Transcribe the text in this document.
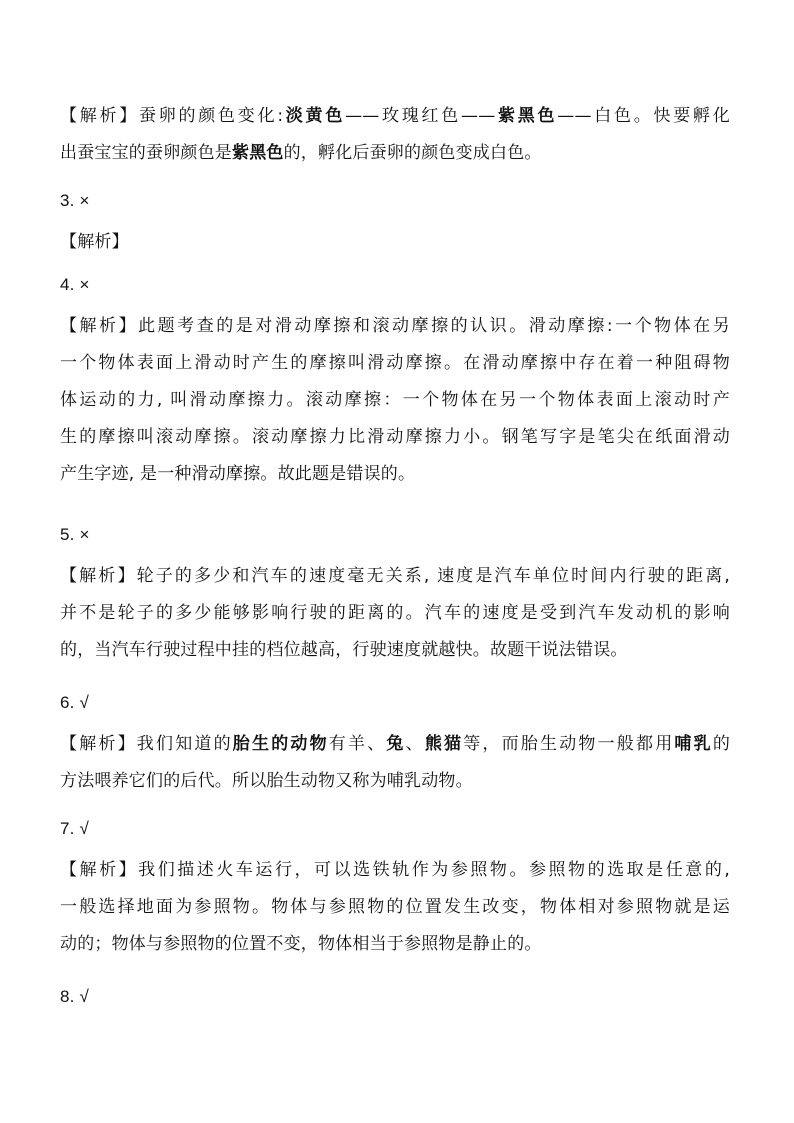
【解析】蚕卵的颜色变化:淡黄色——玫瑰红色——紫黑色——白色。快要孵化
出蚕宝宝的蚕卵颜色是紫黑色的，孵化后蚕卵的颜色变成白色。
3. ×
【解析】
4. ×
【解析】此题考查的是对滑动摩擦和滚动摩擦的认识。滑动摩擦:一个物体在另
一个物体表面上滑动时产生的摩擦叫滑动摩擦。在滑动摩擦中存在着一种阻碍物
体运动的力, 叫滑动摩擦力。滚动摩擦：一个物体在另一个物体表面上滚动时产
生的摩擦叫滚动摩擦。滚动摩擦力比滑动摩擦力小。钢笔写字是笔尖在纸面滑动
产生字迹, 是一种滑动摩擦。故此题是错误的。
5. ×
【解析】轮子的多少和汽车的速度毫无关系, 速度是汽车单位时间内行驶的距离,
并不是轮子的多少能够影响行驶的距离的。汽车的速度是受到汽车发动机的影响
的，当汽车行驶过程中挂的档位越高，行驶速度就越快。故题干说法错误。
6. √
【解析】我们知道的胎生的动物有羊、兔、熊猫等，而胎生动物一般都用哺乳的
方法喂养它们的后代。所以胎生动物又称为哺乳动物。
7. √
【解析】我们描述火车运行，可以选铁轨作为参照物。参照物的选取是任意的,
一般选择地面为参照物。物体与参照物的位置发生改变，物体相对参照物就是运
动的；物体与参照物的位置不变，物体相当于参照物是静止的。
8. √
